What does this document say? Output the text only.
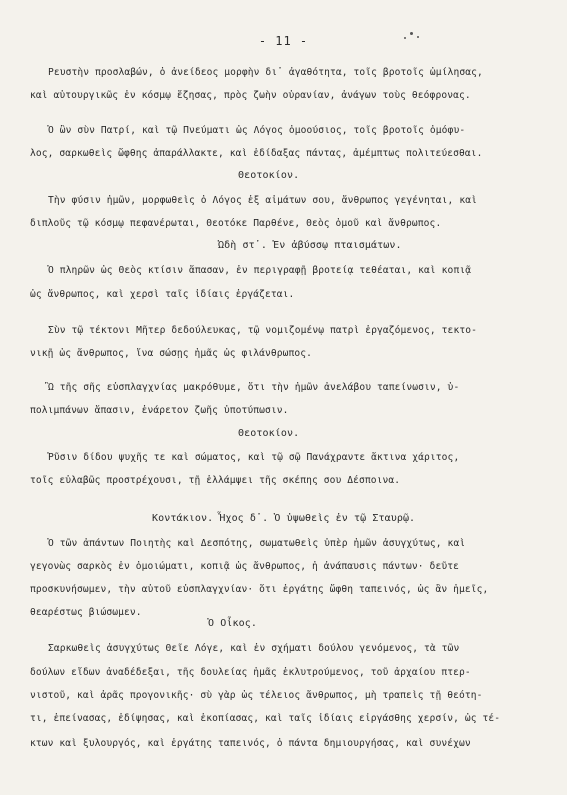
- 11 -
Ρευστὴν προσλαβών, ὁ ἀνείδεος μορφὴν δι᾽ ἀγαθότητα, τοῖς βροτοῖς ὡμίλησας,
καὶ αὐτουργικῶς ἐν κόσμῳ ἔζησας, πρὸς ζωὴν οὐρανίαν, ἀνάγων τοὺς θεόφρονας.
Ὁ ὢν σὺν Πατρί, καὶ τῷ Πνεύματι ὡς Λόγος ὁμοούσιος, τοῖς βροτοῖς ὁμόφυ-
λος, σαρκωθεὶς ὤφθης ἀπαράλλακτε, καὶ ἐδίδαξας πάντας, ἀμέμπτως πολιτεύεσθαι.
Θεοτοκίον.
Τὴν φύσιν ἡμῶν, μορφωθεὶς ὁ Λόγος ἐξ αἱμάτων σου, ἄνθρωπος γεγένηται, καὶ
διπλοῦς τῷ κόσμῳ πεφανέρωται, Θεοτόκε Παρθένε, Θεὸς ὁμοῦ καὶ ἄνθρωπος.
Ὠδὴ στ᾽. Ἐν ἀβύσσῳ πταισμάτων.
Ὁ πληρῶν ὡς Θεὸς κτίσιν ἅπασαν, ἐν περιγραφῇ βροτείᾳ τεθέαται, καὶ κοπιᾷ
ὡς ἄνθρωπος, καὶ χερσὶ ταῖς ἰδίαις ἐργάζεται.
Σὺν τῷ τέκτονι Μῆτερ δεδούλευκας, τῷ νομιζομένῳ πατρὶ ἐργαζόμενος, τεκτο-
νικῇ ὡς ἄνθρωπος, ἵνα σώσῃς ἡμᾶς ὡς φιλάνθρωπος.
Ὢ τῆς σῆς εὐσπλαγχνίας μακρόθυμε, ὅτι τὴν ἡμῶν ἀνελάβου ταπείνωσιν, ὑ-
πολιμπάνων ἅπασιν, ἐνάρετον ζωῆς ὑποτύπωσιν.
Θεοτοκίον.
Ῥῦσιν δίδου ψυχῆς τε καὶ σώματος, καὶ τῷ σῷ Πανάχραντε ἄκτινα χάριτος,
τοῖς εὐλαβῶς προστρέχουσι, τῇ ἐλλάμψει τῆς σκέπης σου Δέσποινα.
Κοντάκιον. Ἦχος δ᾽. Ὁ ὑψωθεὶς ἐν τῷ Σταυρῷ.
Ὁ τῶν ἁπάντων Ποιητὴς καὶ Δεσπότης, σωματωθεὶς ὑπὲρ ἡμῶν ἀσυγχύτως, καὶ
γεγονὼς σαρκὸς ἐν ὁμοιώματι, κοπιᾷ ὡς ἄνθρωπος, ἡ ἀνάπαυσις πάντων· δεῦτε
προσκυνήσωμεν, τὴν αὐτοῦ εὐσπλαγχνίαν· ὅτι ἐργάτης ὤφθη ταπεινός, ὡς ἂν ἡμεῖς,
θεαρέστως βιώσωμεν.
Ὁ Οἶκος.
Σαρκωθεὶς ἀσυγχύτως Θεῖε Λόγε, καὶ ἐν σχήματι δούλου γενόμενος, τὰ τῶν
δούλων εἴδων ἀναδέδεξαι, τῆς δουλείας ἡμᾶς ἐκλυτρούμενος, τοῦ ἀρχαίου πτερ-
νιστοῦ, καὶ ἀρᾶς προγονικῆς· σὺ γὰρ ὡς τέλειος ἄνθρωπος, μὴ τραπεὶς τῇ θεότη-
τι, ἐπείνασας, ἐδίψησας, καὶ ἐκοπίασας, καὶ ταῖς ἰδίαις εἰργάσθης χερσίν, ὡς τέ-
κτων καὶ ξυλουργός, καὶ ἐργάτης ταπεινός, ὁ πάντα δημιουργήσας, καὶ συνέχων
